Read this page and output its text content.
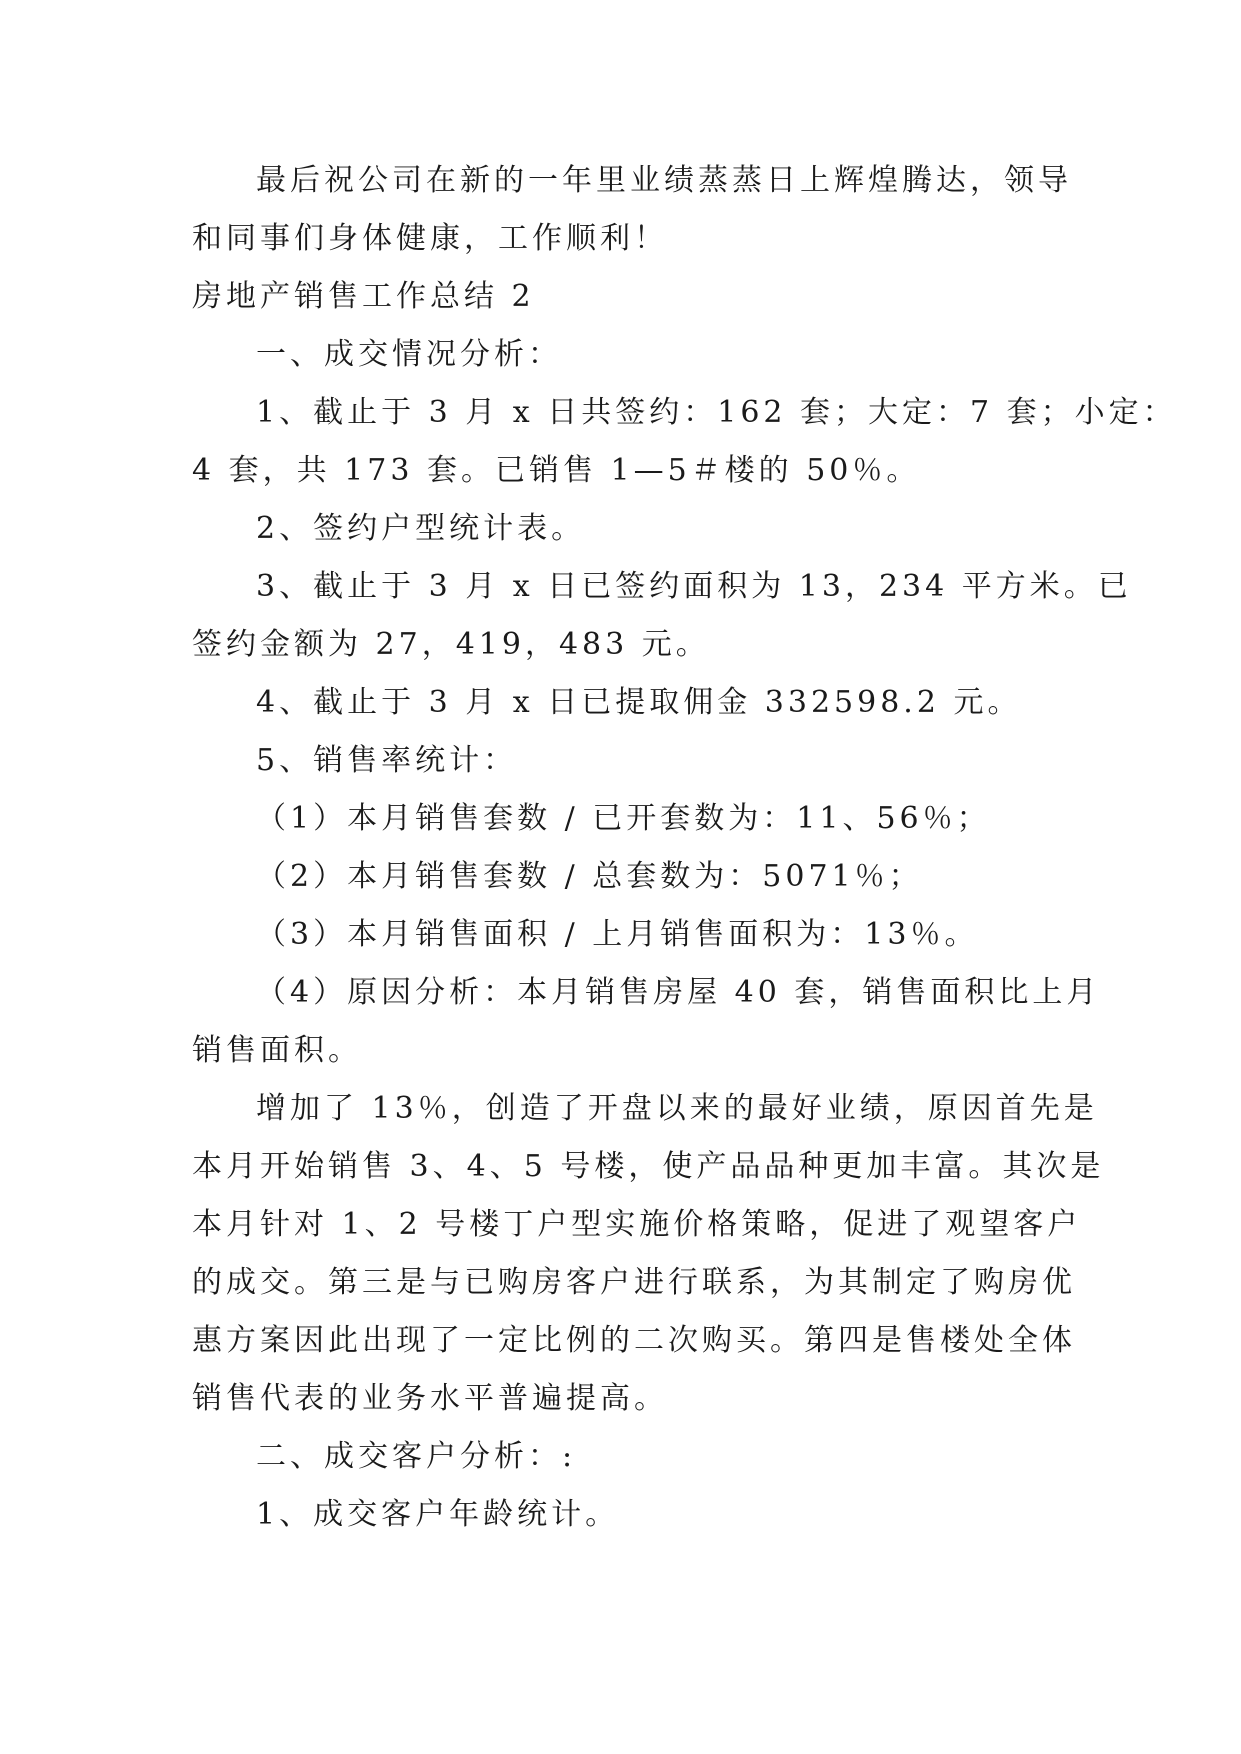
最后祝公司在新的一年里业绩蒸蒸日上辉煌腾达，领导

和同事们身体健康，工作顺利！

房地产销售工作总结 2

一、成交情况分析：

1、截止于 3 月 x 日共签约：162 套；大定：7 套；小定：

4 套，共 173 套。已销售 1—5＃楼的 50％。

2、签约户型统计表。

3、截止于 3 月 x 日已签约面积为 13，234 平方米。已

签约金额为 27，419，483 元。

4、截止于 3 月 x 日已提取佣金 332598.2 元。

5、销售率统计：

（1）本月销售套数 / 已开套数为：11、56％；

（2）本月销售套数 / 总套数为：5071％；

（3）本月销售面积 / 上月销售面积为：13％。

（4）原因分析：本月销售房屋 40 套，销售面积比上月

销售面积。

增加了 13％，创造了开盘以来的最好业绩，原因首先是

本月开始销售 3、4、5 号楼，使产品品种更加丰富。其次是

本月针对 1、2 号楼丁户型实施价格策略，促进了观望客户

的成交。第三是与已购房客户进行联系，为其制定了购房优

惠方案因此出现了一定比例的二次购买。第四是售楼处全体

销售代表的业务水平普遍提高。

二、成交客户分析：:

1、成交客户年龄统计。
